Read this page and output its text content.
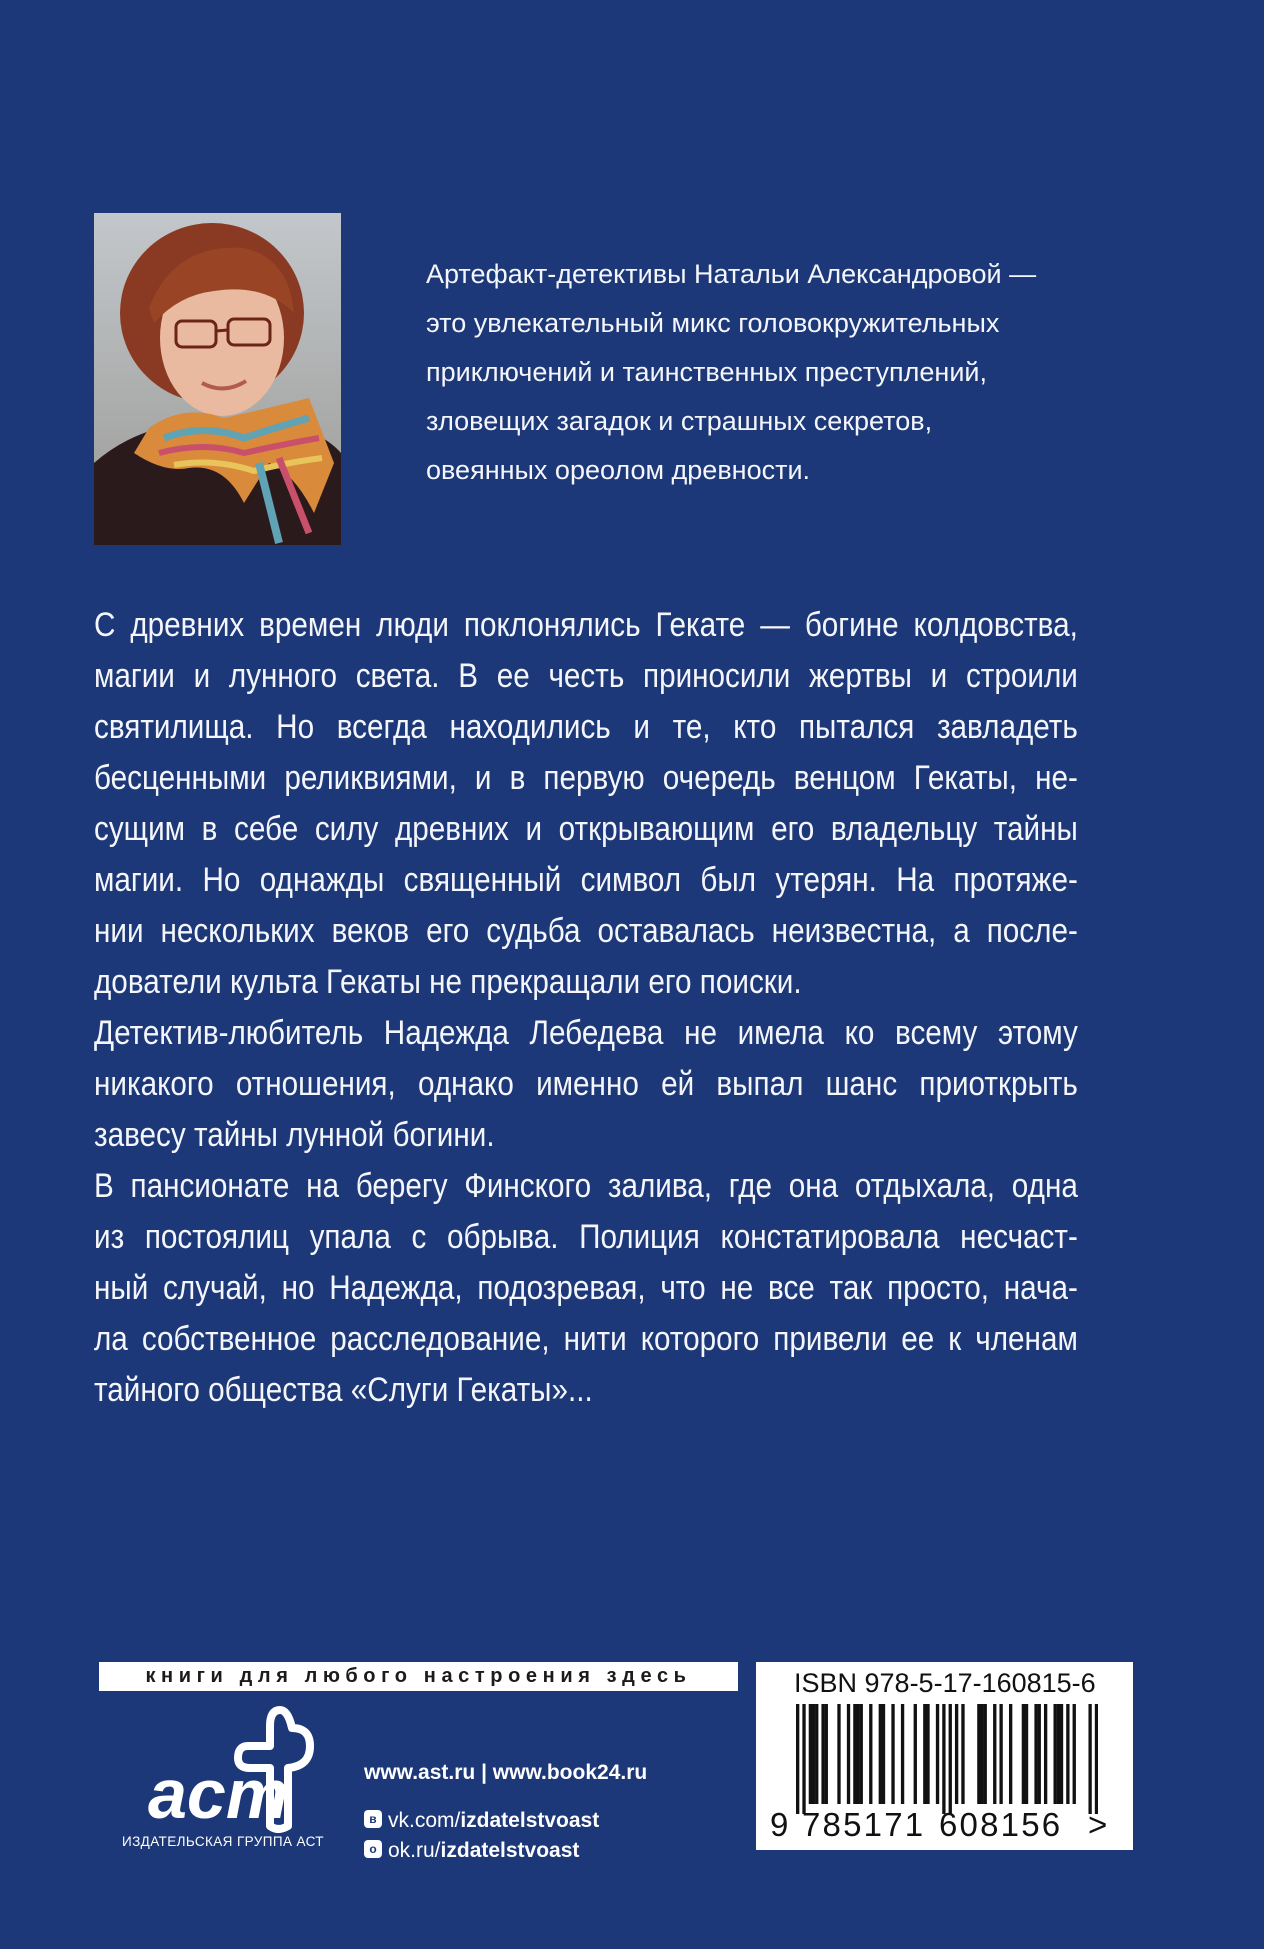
Артефакт-детективы Натальи Александровой —
это увлекательный микс головокружительных
приключений и таинственных преступлений,
зловещих загадок и страшных секретов,
овеянных ореолом древности.
С древних времен люди поклонялись Гекате — богине колдовства,
магии и лунного света. В ее честь приносили жертвы и строили
святилища. Но всегда находились и те, кто пытался завладеть
бесценными реликвиями, и в первую очередь венцом Гекаты, не-
сущим в себе силу древних и открывающим его владельцу тайны
магии. Но однажды священный символ был утерян. На протяже-
нии нескольких веков его судьба оставалась неизвестна, а после-
дователи культа Гекаты не прекращали его поиски.
Детектив-любитель Надежда Лебедева не имела ко всему этому
никакого отношения, однако именно ей выпал шанс приоткрыть
завесу тайны лунной богини.
В пансионате на берегу Финского залива, где она отдыхала, одна
из постоялиц упала с обрыва. Полиция констатировала несчаст-
ный случай, но Надежда, подозревая, что не все так просто, нача-
ла собственное расследование, нити которого привели ее к членам
тайного общества «Слуги Гекаты»...
книги для любого настроения здесь
аст
ИЗДАТЕЛЬСКАЯ ГРУППА АСТ
www.ast.ru | www.book24.ru
в vk.com/izdatelstvoast
о ok.ru/izdatelstvoast
ISBN 978-5-17-160815-6
9 785171 608156 >
